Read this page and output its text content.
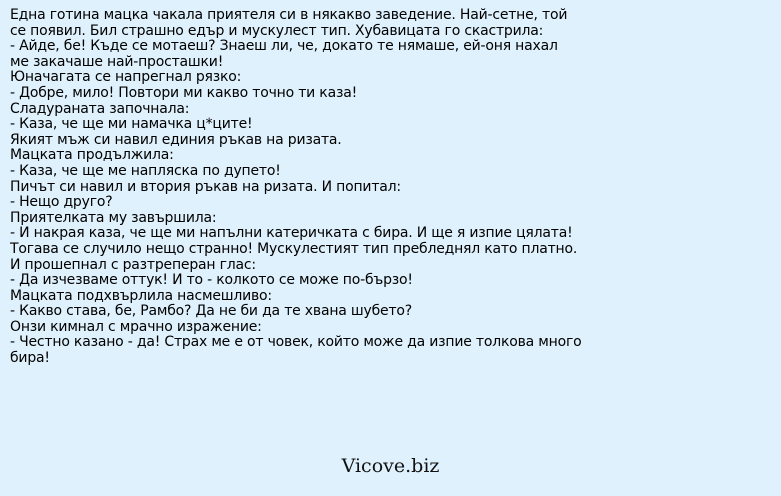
Една готина мацка чакала приятеля си в някакво заведение. Най-сетне, той
се появил. Бил страшно едър и мускулест тип. Хубавицата го скастрила:
- Айде, бе! Къде се мотаеш? Знаеш ли, че, докато те нямаше, ей-оня нахал
ме закачаше най-просташки!
Юначагата се напрегнал рязко:
- Добре, мило! Повтори ми какво точно ти каза!
Сладураната започнала:
- Каза, че ще ми намачка ц*ците!
Якият мъж си навил единия ръкав на ризата.
Мацката продължила:
- Каза, че ще ме напляска по дупето!
Пичът си навил и втория ръкав на ризата. И попитал:
- Нещо друго?
Приятелката му завършила:
- И накрая каза, че ще ми напълни катеричката с бира. И ще я изпие цялата!
Тогава се случило нещо странно! Мускулестият тип пребледнял като платно.
И прошепнал с разтреперан глас:
- Да изчезваме оттук! И то - колкото се може по-бързо!
Мацката подхвърлила насмешливо:
- Какво става, бе, Рамбо? Да не би да те хвана шубето?
Онзи кимнал с мрачно изражение:
- Честно казано - да! Страх ме е от човек, който може да изпие толкова много
бира!
Vicove.biz
